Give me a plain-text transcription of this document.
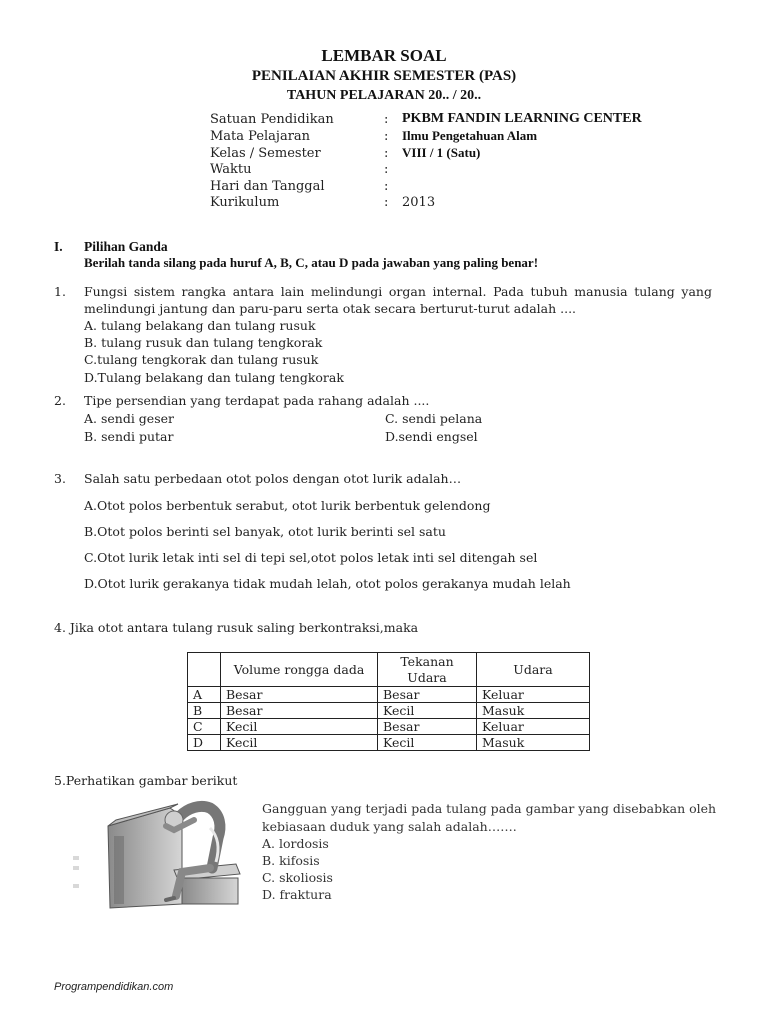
LEMBAR SOAL
PENILAIAN AKHIR SEMESTER (PAS)
TAHUN PELAJARAN 20.. / 20..
Satuan Pendidikan	: PKBM FANDIN LEARNING CENTER
Mata Pelajaran	: Ilmu Pengetahuan Alam
Kelas / Semester	: VIII / 1 (Satu)
Waktu	:
Hari dan Tanggal	:
Kurikulum	: 2013
I. Pilihan Ganda
Berilah tanda silang pada huruf A, B, C, atau D pada jawaban yang paling benar!
1. Fungsi sistem rangka antara lain melindungi organ internal. Pada tubuh manusia tulang yang
melindungi jantung dan paru-paru serta otak secara berturut-turut adalah ....
A. tulang belakang dan tulang rusuk
B. tulang rusuk dan tulang tengkorak
C.tulang tengkorak dan tulang rusuk
D.Tulang belakang dan tulang tengkorak
2. Tipe persendian yang terdapat pada rahang adalah ....
A. sendi geser	C. sendi pelana
B. sendi putar	D.sendi engsel
3. Salah satu perbedaan otot polos dengan otot lurik adalah…
A.Otot polos berbentuk serabut, otot lurik berbentuk gelendong
B.Otot polos berinti sel banyak, otot lurik berinti sel satu
C.Otot lurik letak inti sel di tepi sel,otot polos letak inti sel ditengah sel
D.Otot lurik gerakanya tidak mudah lelah, otot polos gerakanya mudah lelah
4. Jika otot antara tulang rusuk saling berkontraksi,maka
	Volume rongga dada	Tekanan Udara	Udara
A	Besar	Besar	Keluar
B	Besar	Kecil	Masuk
C	Kecil	Besar	Keluar
D	Kecil	Kecil	Masuk
5.Perhatikan gambar berikut
Gangguan yang terjadi pada tulang pada gambar yang disebabkan oleh
kebiasaan duduk yang salah adalah…….
A. lordosis
B. kifosis
C. skoliosis
D. fraktura
Programpendidikan.com
